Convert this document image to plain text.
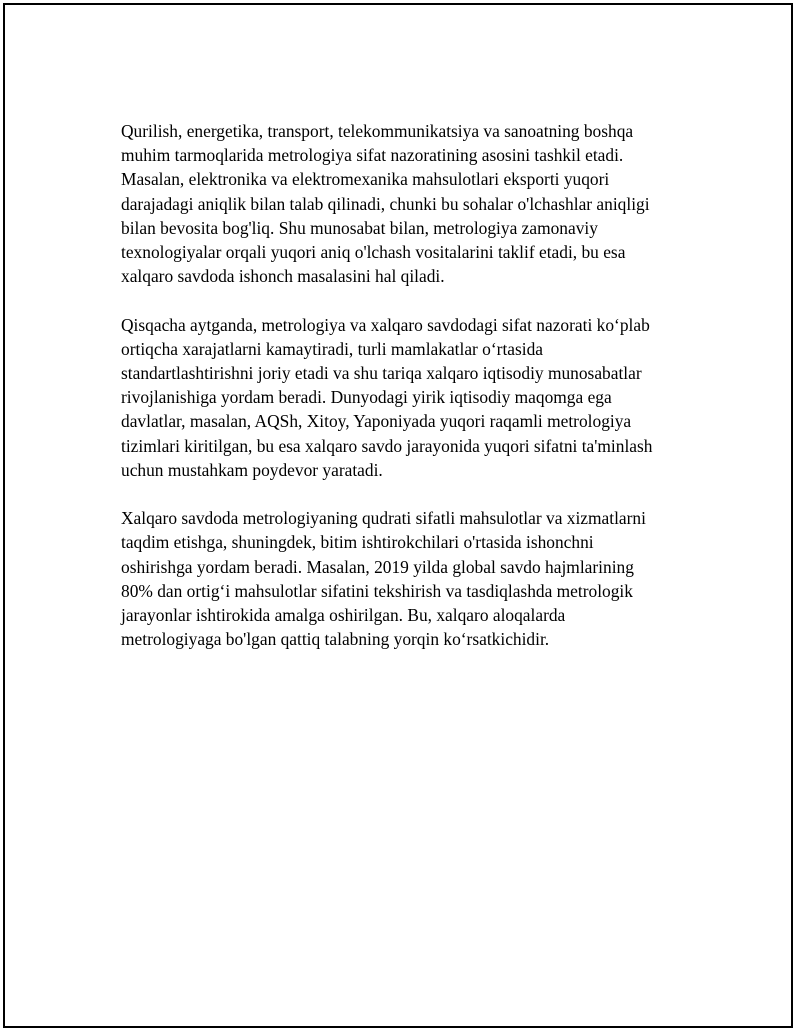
Qurilish, energetika, transport, telekommunikatsiya va sanoatning boshqa
muhim tarmoqlarida metrologiya sifat nazoratining asosini tashkil etadi.
Masalan, elektronika va elektromexanika mahsulotlari eksporti yuqori
darajadagi aniqlik bilan talab qilinadi, chunki bu sohalar o'lchashlar aniqligi
bilan bevosita bog'liq. Shu munosabat bilan, metrologiya zamonaviy
texnologiyalar orqali yuqori aniq o'lchash vositalarini taklif etadi, bu esa
xalqaro savdoda ishonch masalasini hal qiladi.

Qisqacha aytganda, metrologiya va xalqaro savdodagi sifat nazorati koʻplab
ortiqcha xarajatlarni kamaytiradi, turli mamlakatlar oʻrtasida
standartlashtirishni joriy etadi va shu tariqa xalqaro iqtisodiy munosabatlar
rivojlanishiga yordam beradi. Dunyodagi yirik iqtisodiy maqomga ega
davlatlar, masalan, AQSh, Xitoy, Yaponiyada yuqori raqamli metrologiya
tizimlari kiritilgan, bu esa xalqaro savdo jarayonida yuqori sifatni ta'minlash
uchun mustahkam poydevor yaratadi.

Xalqaro savdoda metrologiyaning qudrati sifatli mahsulotlar va xizmatlarni
taqdim etishga, shuningdek, bitim ishtirokchilari o'rtasida ishonchni
oshirishga yordam beradi. Masalan, 2019 yilda global savdo hajmlarining
80% dan ortigʻi mahsulotlar sifatini tekshirish va tasdiqlashda metrologik
jarayonlar ishtirokida amalga oshirilgan. Bu, xalqaro aloqalarda
metrologiyaga bo'lgan qattiq talabning yorqin koʻrsatkichidir.
